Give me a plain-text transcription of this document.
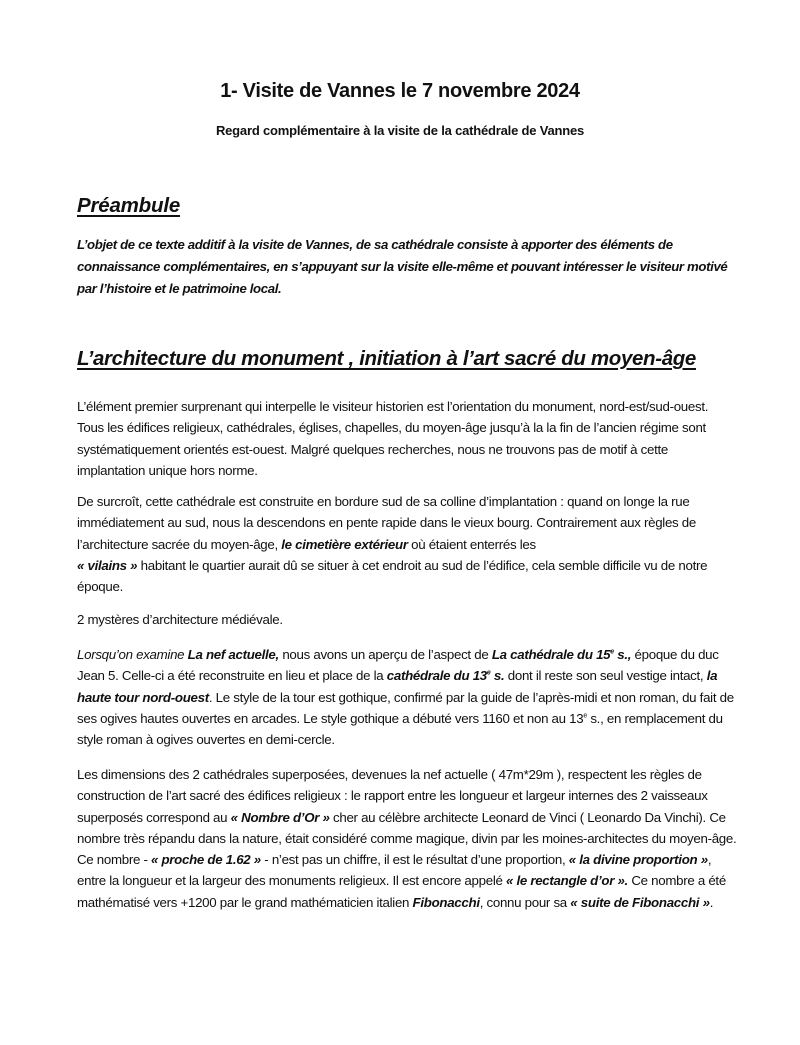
1- Visite de Vannes le 7 novembre 2024
Regard complémentaire à la visite de la cathédrale de Vannes
Préambule
L’objet de ce texte additif à la visite de Vannes, de sa cathédrale consiste à apporter des éléments de connaissance complémentaires, en s’appuyant sur la visite elle-même et pouvant intéresser le visiteur motivé par l’histoire et le patrimoine local.
L’architecture du monument , initiation à l’art sacré du moyen-âge

L’élément premier surprenant qui interpelle le visiteur historien est l’orientation du monument, nord-est/sud-ouest. Tous les édifices religieux, cathédrales, églises, chapelles, du moyen-âge jusqu’à la la fin de l’ancien régime sont systématiquement orientés est-ouest. Malgré quelques recherches, nous ne trouvons pas de motif à cette implantation unique hors norme.

De surcroît, cette cathédrale est construite en bordure sud de sa colline d’implantation : quand on longe la rue immédiatement au sud, nous la descendons en pente rapide dans le vieux bourg. Contrairement aux règles de l’architecture sacrée du moyen-âge, le cimetière extérieur où étaient enterrés les
« vilains » habitant le quartier aurait dû se situer à cet endroit au sud de l’édifice, cela semble difficile vu de notre époque.

2 mystères d’architecture médiévale.

Lorsqu’on examine La nef actuelle, nous avons un aperçu de l’aspect de La cathédrale du 15e s., époque du duc Jean 5. Celle-ci a été reconstruite en lieu et place de la cathédrale du 13e s. dont il reste son seul vestige intact, la haute tour nord-ouest. Le style de la tour est gothique, confirmé par la guide de l’après-midi et non roman, du fait de ses ogives hautes ouvertes en arcades. Le style gothique a débuté vers 1160 et non au 13e s., en remplacement du style roman à ogives ouvertes en demi-cercle.

Les dimensions des 2 cathédrales superposées, devenues la nef actuelle ( 47m*29m ), respectent les règles de construction de l’art sacré des édifices religieux : le rapport entre les longueur et largeur internes des 2 vaisseaux superposés correspond au « Nombre d’Or » cher au célèbre architecte Leonard de Vinci ( Leonardo Da Vinchi). Ce nombre très répandu dans la nature, était considéré comme magique, divin par les moines-architectes du moyen-âge. Ce nombre - « proche de 1.62 » - n’est pas un chiffre, il est le résultat d’une proportion, « la divine proportion », entre la longueur et la largeur des monuments religieux. Il est encore appelé « le rectangle d’or ». Ce nombre a été mathématisé vers +1200 par le grand mathématicien italien Fibonacchi, connu pour sa « suite de Fibonacchi ».
